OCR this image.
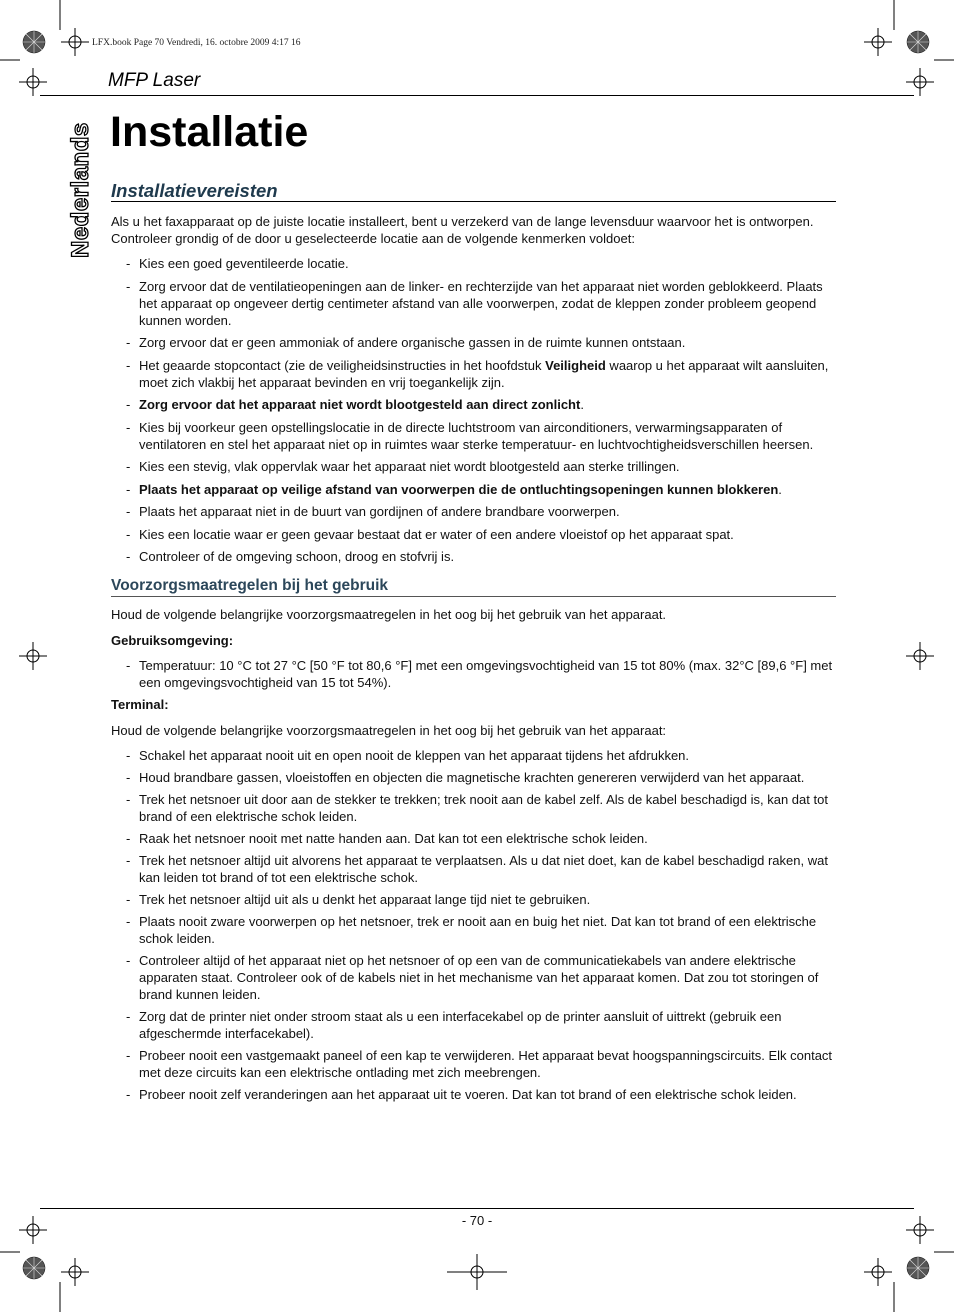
LFX.book Page 70 Vendredi, 16. octobre 2009 4:17 16
MFP Laser
Nederlands Installatie
Installatievereisten

Als u het faxapparaat op de juiste locatie installeert, bent u verzekerd van de lange levensduur waarvoor het is ontworpen. Controleer grondig of de door u geselecteerde locatie aan de volgende kenmerken voldoet:

- Kies een goed geventileerde locatie.
- Zorg ervoor dat de ventilatieopeningen aan de linker- en rechterzijde van het apparaat niet worden geblokkeerd. Plaats het apparaat op ongeveer dertig centimeter afstand van alle voorwerpen, zodat de kleppen zonder probleem geopend kunnen worden.
- Zorg ervoor dat er geen ammoniak of andere organische gassen in de ruimte kunnen ontstaan.
- Het geaarde stopcontact (zie de veiligheidsinstructies in het hoofdstuk Veiligheid waarop u het apparaat wilt aansluiten, moet zich vlakbij het apparaat bevinden en vrij toegankelijk zijn.
- Zorg ervoor dat het apparaat niet wordt blootgesteld aan direct zonlicht.
- Kies bij voorkeur geen opstellingslocatie in de directe luchtstroom van airconditioners, verwarmingsapparaten of ventilatoren en stel het apparaat niet op in ruimtes waar sterke temperatuur- en luchtvochtigheidsverschillen heersen.
- Kies een stevig, vlak oppervlak waar het apparaat niet wordt blootgesteld aan sterke trillingen.
- Plaats het apparaat op veilige afstand van voorwerpen die de ontluchtingsopeningen kunnen blokkeren.
- Plaats het apparaat niet in de buurt van gordijnen of andere brandbare voorwerpen.
- Kies een locatie waar er geen gevaar bestaat dat er water of een andere vloeistof op het apparaat spat.
- Controleer of de omgeving schoon, droog en stofvrij is.
Voorzorgsmaatregelen bij het gebruik

Houd de volgende belangrijke voorzorgsmaatregelen in het oog bij het gebruik van het apparaat.

Gebruiksomgeving:

- Temperatuur: 10 °C tot 27 °C [50 °F tot 80,6 °F] met een omgevingsvochtigheid van 15 tot 80% (max. 32°C [89,6 °F] met een omgevingsvochtigheid van 15 tot 54%).

Terminal:

Houd de volgende belangrijke voorzorgsmaatregelen in het oog bij het gebruik van het apparaat:

- Schakel het apparaat nooit uit en open nooit de kleppen van het apparaat tijdens het afdrukken.
- Houd brandbare gassen, vloeistoffen en objecten die magnetische krachten genereren verwijderd van het apparaat.
- Trek het netsnoer uit door aan de stekker te trekken; trek nooit aan de kabel zelf. Als de kabel beschadigd is, kan dat tot brand of een elektrische schok leiden.
- Raak het netsnoer nooit met natte handen aan. Dat kan tot een elektrische schok leiden.
- Trek het netsnoer altijd uit alvorens het apparaat te verplaatsen. Als u dat niet doet, kan de kabel beschadigd raken, wat kan leiden tot brand of tot een elektrische schok.
- Trek het netsnoer altijd uit als u denkt het apparaat lange tijd niet te gebruiken.
- Plaats nooit zware voorwerpen op het netsnoer, trek er nooit aan en buig het niet. Dat kan tot brand of een elektrische schok leiden.
- Controleer altijd of het apparaat niet op het netsnoer of op een van de communicatiekabels van andere elektrische apparaten staat. Controleer ook of de kabels niet in het mechanisme van het apparaat komen. Dat zou tot storingen of brand kunnen leiden.
- Zorg dat de printer niet onder stroom staat als u een interfacekabel op de printer aansluit of uittrekt (gebruik een afgeschermde interfacekabel).
- Probeer nooit een vastgemaakt paneel of een kap te verwijderen. Het apparaat bevat hoogspanningscircuits. Elk contact met deze circuits kan een elektrische ontlading met zich meebrengen.
- Probeer nooit zelf veranderingen aan het apparaat uit te voeren. Dat kan tot brand of een elektrische schok leiden.
- 70 -
